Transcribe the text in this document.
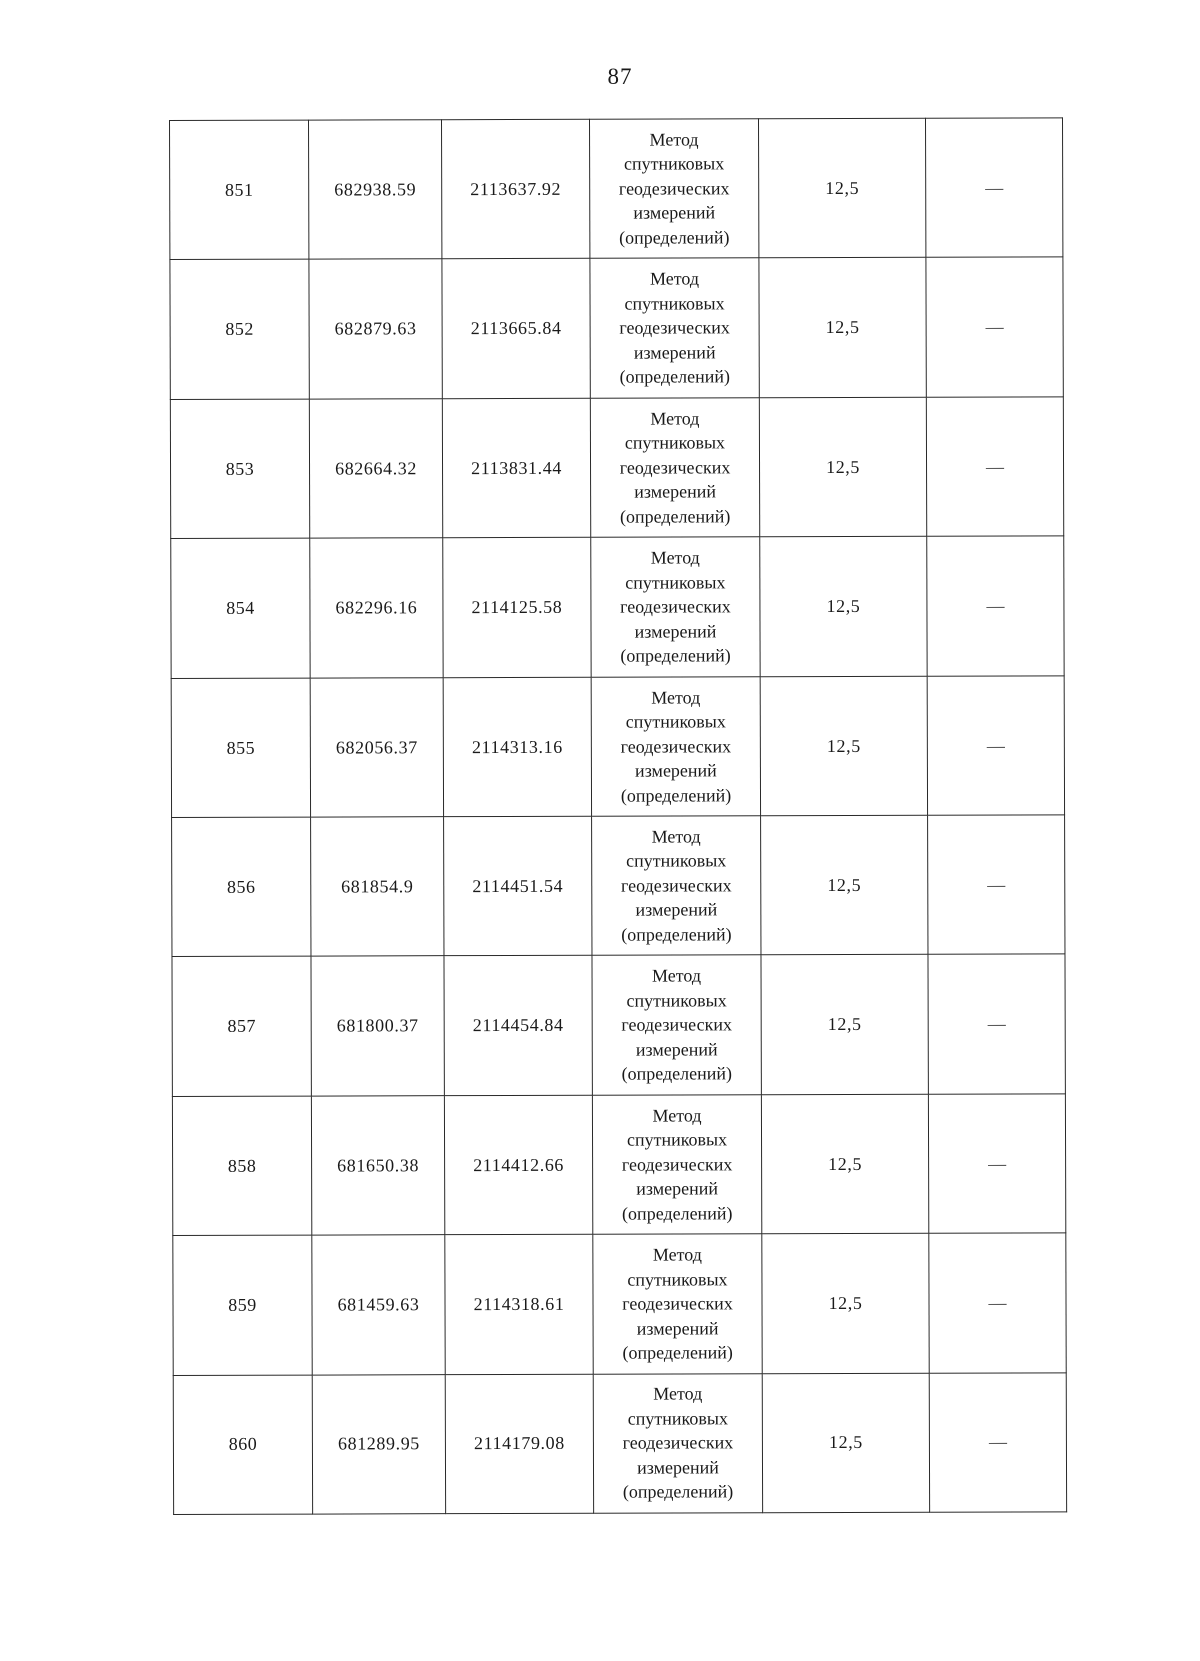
87
851	682938.59	2113637.92	Метод
спутниковых
геодезических
измерений
(определений)	12,5	—
852	682879.63	2113665.84	Метод
спутниковых
геодезических
измерений
(определений)	12,5	—
853	682664.32	2113831.44	Метод
спутниковых
геодезических
измерений
(определений)	12,5	—
854	682296.16	2114125.58	Метод
спутниковых
геодезических
измерений
(определений)	12,5	—
855	682056.37	2114313.16	Метод
спутниковых
геодезических
измерений
(определений)	12,5	—
856	681854.9	2114451.54	Метод
спутниковых
геодезических
измерений
(определений)	12,5	—
857	681800.37	2114454.84	Метод
спутниковых
геодезических
измерений
(определений)	12,5	—
858	681650.38	2114412.66	Метод
спутниковых
геодезических
измерений
(определений)	12,5	—
859	681459.63	2114318.61	Метод
спутниковых
геодезических
измерений
(определений)	12,5	—
860	681289.95	2114179.08	Метод
спутниковых
геодезических
измерений
(определений)	12,5	—
